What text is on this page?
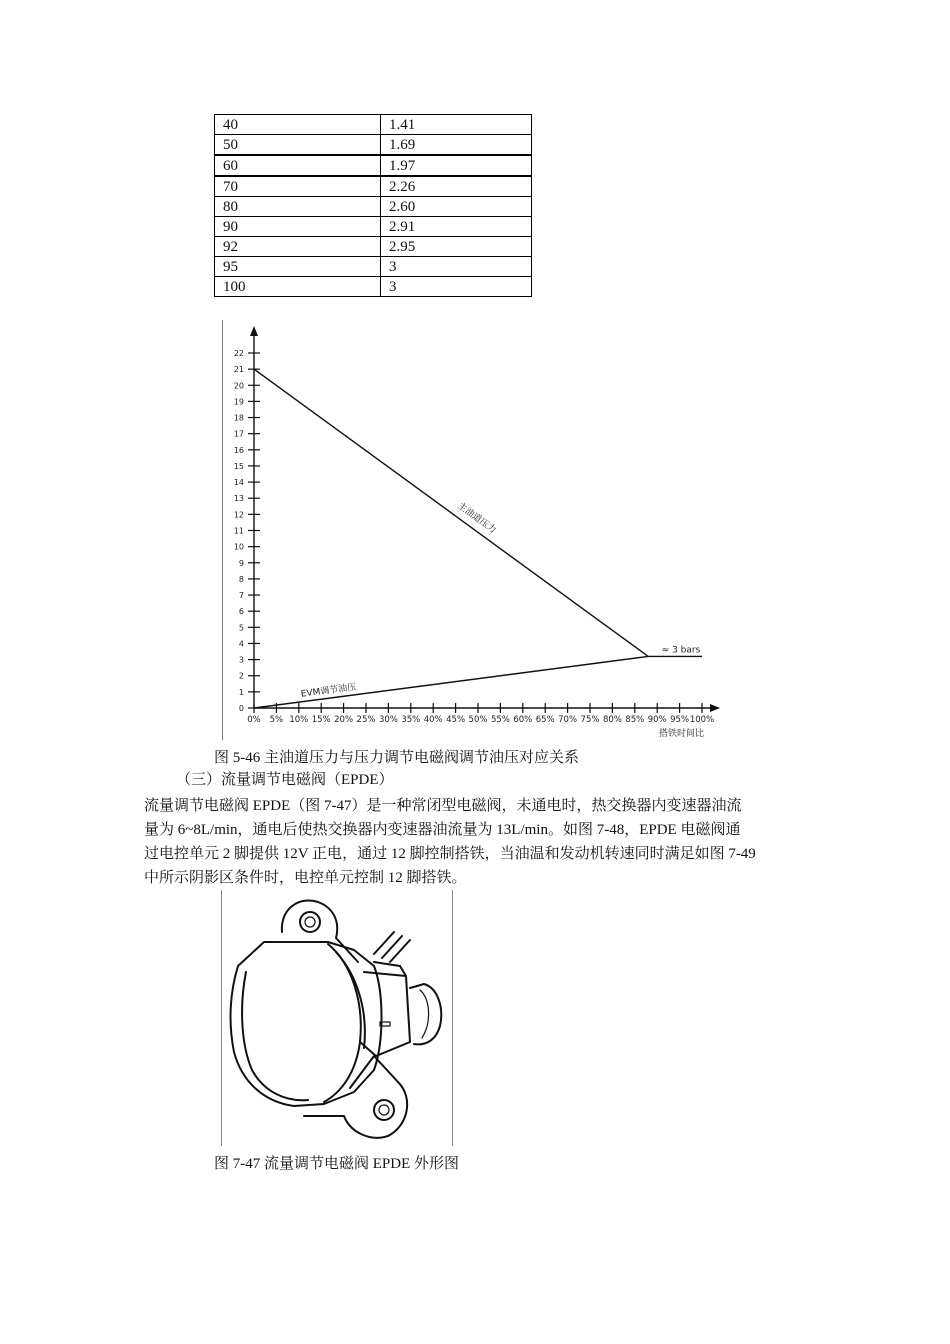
40	1.41
50	1.69
60	1.97
70	2.26
80	2.60
90	2.91
92	2.95
95	3
100	3
0
1
2
3
4
5
6
7
8
9
10
11
12
13
14
15
16
17
18
19
20
21
22
0% 5% 10% 15% 20% 25% 30% 35% 40% 45% 50% 55% 60% 65% 70% 75% 80% 85% 90% 95% 100%
主油道压力
EVM调节油压
≈ 3 bars
搭铁时间比
图 5-46 主油道压力与压力调节电磁阀调节油压对应关系
（三）流量调节电磁阀（EPDE）
流量调节电磁阀 EPDE（图 7-47）是一种常闭型电磁阀，未通电时，热交换器内变速器油流
量为 6~8L/min，通电后使热交换器内变速器油流量为 13L/min。如图 7-48，EPDE 电磁阀通
过电控单元 2 脚提供 12V 正电，通过 12 脚控制搭铁，当油温和发动机转速同时满足如图 7-49
中所示阴影区条件时，电控单元控制 12 脚搭铁。
图 7-47 流量调节电磁阀 EPDE 外形图
